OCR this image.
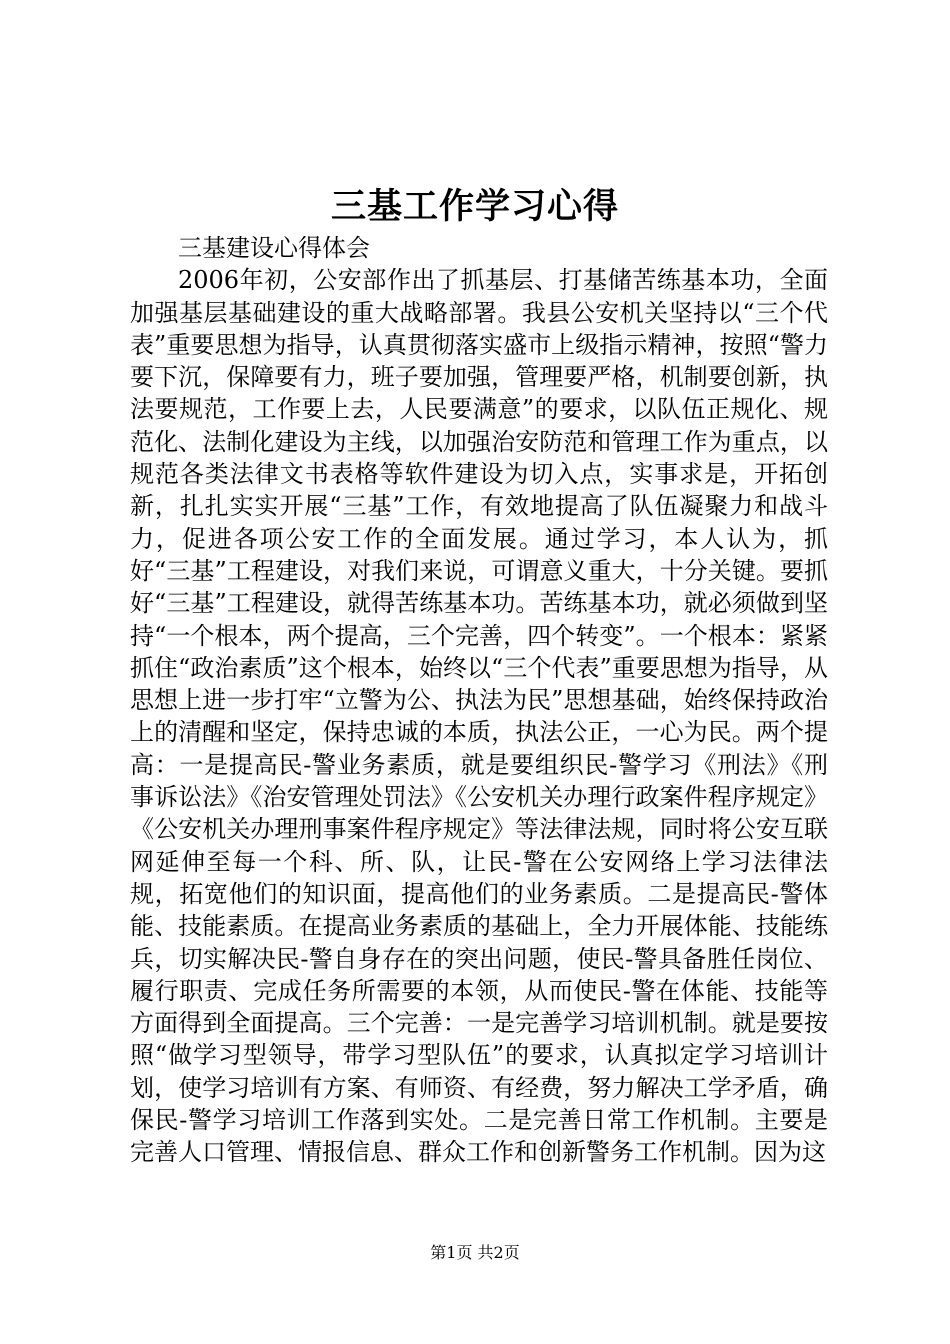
三基工作学习心得

三基建设心得体会

2006年初，公安部作出了抓基层、打基储苦练基本功，全面加强基层基础建设的重大战略部署。我县公安机关坚持以“三个代表”重要思想为指导，认真贯彻落实盛市上级指示精神，按照“警力要下沉，保障要有力，班子要加强，管理要严格，机制要创新，执法要规范，工作要上去，人民要满意”的要求，以队伍正规化、规范化、法制化建设为主线，以加强治安防范和管理工作为重点，以规范各类法律文书表格等软件建设为切入点，实事求是，开拓创新，扎扎实实开展“三基”工作，有效地提高了队伍凝聚力和战斗力，促进各项公安工作的全面发展。通过学习，本人认为，抓好“三基”工程建设，对我们来说，可谓意义重大，十分关键。要抓好“三基”工程建设，就得苦练基本功。苦练基本功，就必须做到坚持“一个根本，两个提高，三个完善，四个转变”。一个根本：紧紧抓住“政治素质”这个根本，始终以“三个代表”重要思想为指导，从思想上进一步打牢“立警为公、执法为民”思想基础，始终保持政治上的清醒和坚定，保持忠诚的本质，执法公正，一心为民。两个提高：一是提高民-警业务素质，就是要组织民-警学习《刑法》《刑事诉讼法》《治安管理处罚法》《公安机关办理行政案件程序规定》《公安机关办理刑事案件程序规定》等法律法规，同时将公安互联网延伸至每一个科、所、队，让民-警在公安网络上学习法律法规，拓宽他们的知识面，提高他们的业务素质。二是提高民-警体能、技能素质。在提高业务素质的基础上，全力开展体能、技能练兵，切实解决民-警自身存在的突出问题，使民-警具备胜任岗位、履行职责、完成任务所需要的本领，从而使民-警在体能、技能等方面得到全面提高。三个完善：一是完善学习培训机制。就是要按照“做学习型领导，带学习型队伍”的要求，认真拟定学习培训计划，使学习培训有方案、有师资、有经费，努力解决工学矛盾，确保民-警学习培训工作落到实处。二是完善日常工作机制。主要是完善人口管理、情报信息、群众工作和创新警务工作机制。因为这

第1页 共2页
